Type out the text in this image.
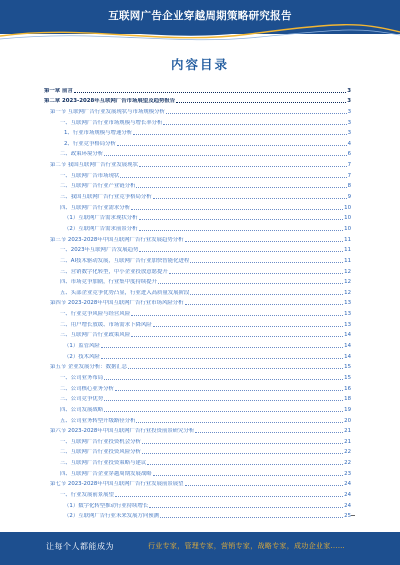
互联网广告企业穿越周期策略研究报告
内容目录
第一章 前言	3
第二章 2023-2028年互联网广告市场展望及趋势报告	3
第一节 互联网广告行业发展现状与市场规模分析	3
一、互联网广告行业市场规模与增长率分析	3
1、行业市场规模与增速分析	3
2、行业竞争格局分析	4
二、政策环境分析	6
第二节 我国互联网广告行业发展现状	7
一、互联网广告市场现状	7
二、互联网广告行业产业链分析	8
三、我国互联网广告行业竞争格局分析	9
四、互联网广告行业需求分析	10
（1）互联网广告需求现状分析	10
（2）互联网广告需求前景分析	10
第三节 2023-2028年中国互联网广告行业发展趋势分析	11
一、2023年互联网广告发展趋势	11
二、AI技术驱动发展，互联网广告行业加快智能化进程	11
三、营销数字化转型，中小企业投放意愿提升	12
四、市场竞争加剧，行业集中度持续提升	12
五、头部企业竞争优势凸显，行业进入高质量发展阶段	12
第四节 2023-2028年中国互联网广告行业市场风险分析	13
一、行业竞争风险与经营风险	13
二、用户增长放缓、市场需求下降风险	13
三、互联网广告行业政策风险	14
（1）监管风险	14
（2）技术风险	14
第五节 企业发展分析：数据汇总	15
一、公司业务布局	15
二、公司核心业务分析	16
三、公司竞争优势	18
四、公司发展战略	19
五、公司业务转型升级路径分析	20
第六节 2023-2028年中国互联网广告行业投资前景研究分析	21
一、互联网广告行业投资机会分析	21
二、互联网广告行业投资风险分析	22
三、互联网广告行业投资策略与建议	22
四、互联网广告企业穿越周期发展战略	23
第七节 2023-2028年中国互联网广告行业发展前景展望	24
一、行业发展前景展望	24
（1）数字化转型推动行业持续增长	24
（2）互联网广告行业未来发展方向预测	25
让每个人都能成为	行业专家，管理专家，营销专家，战略专家，成功企业家……
